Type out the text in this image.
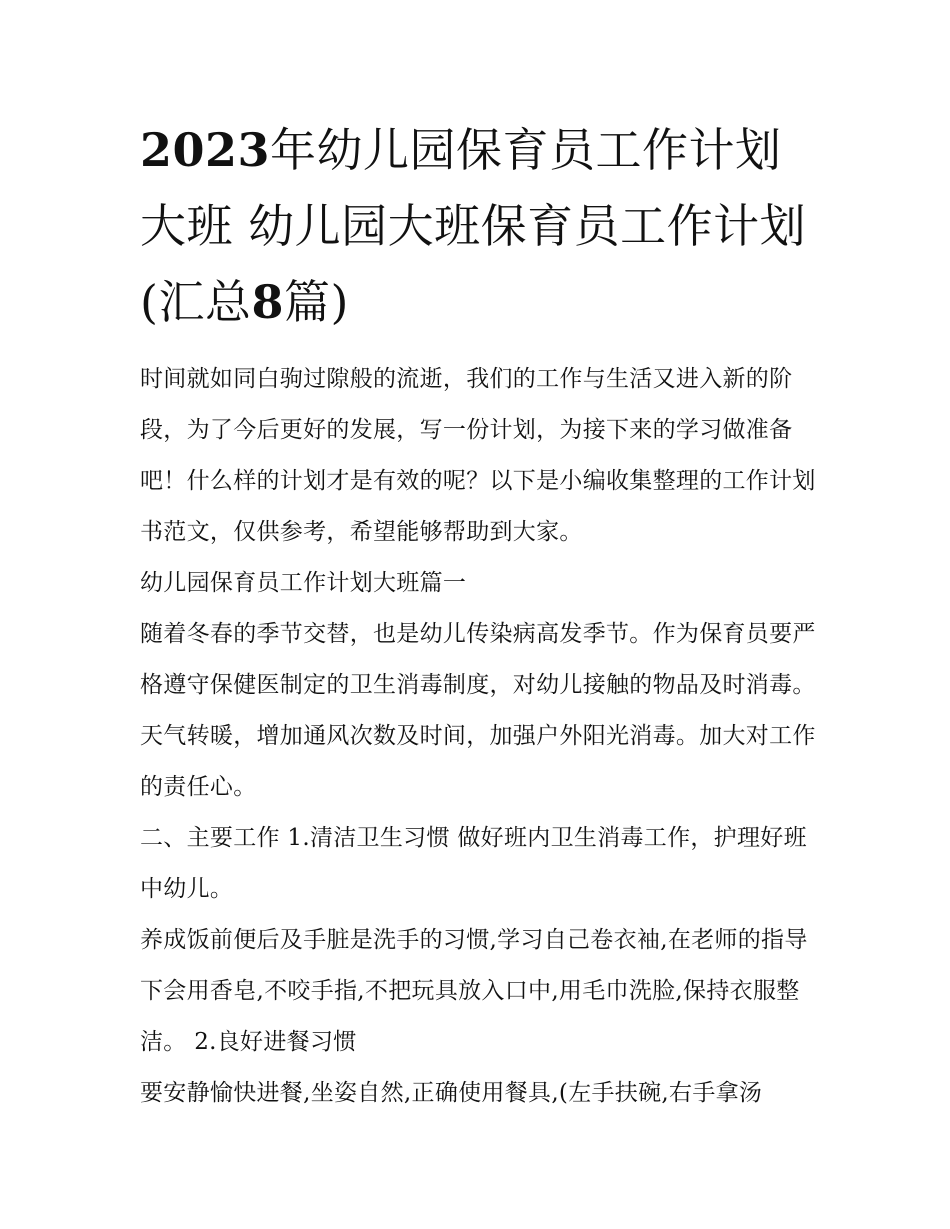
2023年幼儿园保育员工作计划大班 幼儿园大班保育员工作计划(汇总8篇)

时间就如同白驹过隙般的流逝，我们的工作与生活又进入新的阶段，为了今后更好的发展，写一份计划，为接下来的学习做准备吧！什么样的计划才是有效的呢？以下是小编收集整理的工作计划书范文，仅供参考，希望能够帮助到大家。

幼儿园保育员工作计划大班篇一

随着冬春的季节交替，也是幼儿传染病高发季节。作为保育员要严格遵守保健医制定的卫生消毒制度，对幼儿接触的物品及时消毒。天气转暖，增加通风次数及时间，加强户外阳光消毒。加大对工作的责任心。

二、主要工作 1.清洁卫生习惯 做好班内卫生消毒工作，护理好班中幼儿。

养成饭前便后及手脏是洗手的习惯,学习自己卷衣袖,在老师的指导下会用香皂,不咬手指,不把玩具放入口中,用毛巾洗脸,保持衣服整洁。 2.良好进餐习惯

要安静愉快进餐,坐姿自然,正确使用餐具,(左手扶碗,右手拿汤
